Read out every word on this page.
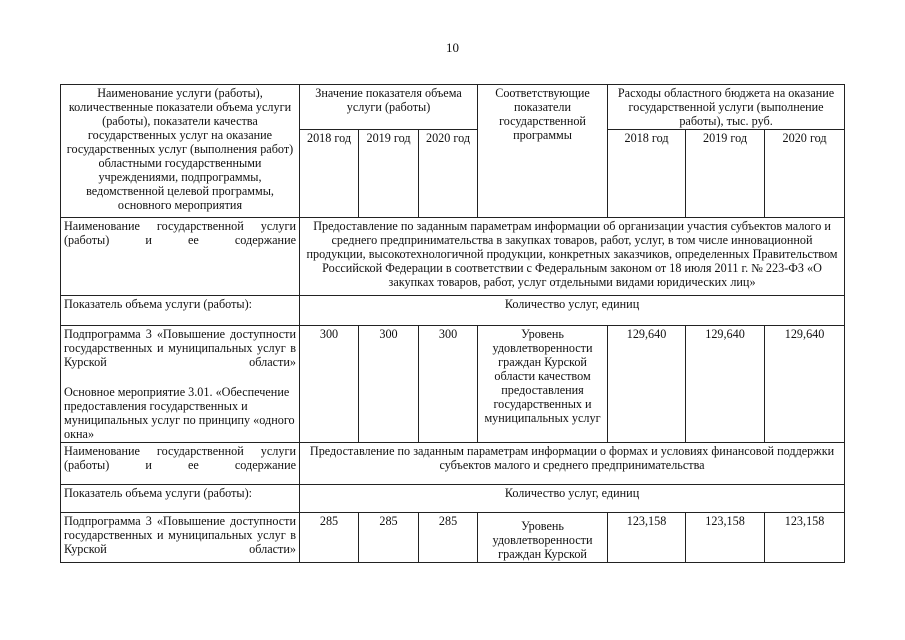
10
Наименование услуги (работы), количественные показатели объема услуги (работы), показатели качества государственных услуг на оказание государственных услуг (выполнения работ) областными государственными учреждениями, подпрограммы, ведомственной целевой программы, основного мероприятия	Значение показателя объема услуги (работы)			Соответствующие показатели государственной программы	Расходы областного бюджета на оказание государственной услуги (выполнение работы), тыс. руб.		
	2018 год	2019 год	2020 год		2018 год	2019 год	2020 год
Наименование государственной услуги (работы) и ее содержание	Предоставление по заданным параметрам информации об организации участия субъектов малого и среднего предпринимательства в закупках товаров, работ, услуг, в том числе инновационной продукции, высокотехнологичной продукции, конкретных заказчиков, определенных Правительством Российской Федерации в соответствии с Федеральным законом от 18 июля 2011 г. № 223-ФЗ «О закупках товаров, работ, услуг отдельными видами юридических лиц»						
Показатель объема услуги (работы):	Количество услуг, единиц						
Подпрограмма 3 «Повышение доступности государственных и муниципальных услуг в Курской области»	300	300	300	Уровень удовлетворенности граждан Курской области качеством предоставления государственных и муниципальных услуг	129,640	129,640	129,640
Основное мероприятие 3.01. «Обеспечение предоставления государственных и муниципальных услуг по принципу «одного окна»							
Наименование государственной услуги (работы) и ее содержание	Предоставление по заданным параметрам информации о формах и условиях финансовой поддержки субъектов малого и среднего предпринимательства						
Показатель объема услуги (работы):	Количество услуг, единиц						
Подпрограмма 3 «Повышение доступности государственных и муниципальных услуг в Курской области»	285	285	285	Уровень удовлетворенности граждан Курской	123,158	123,158	123,158
